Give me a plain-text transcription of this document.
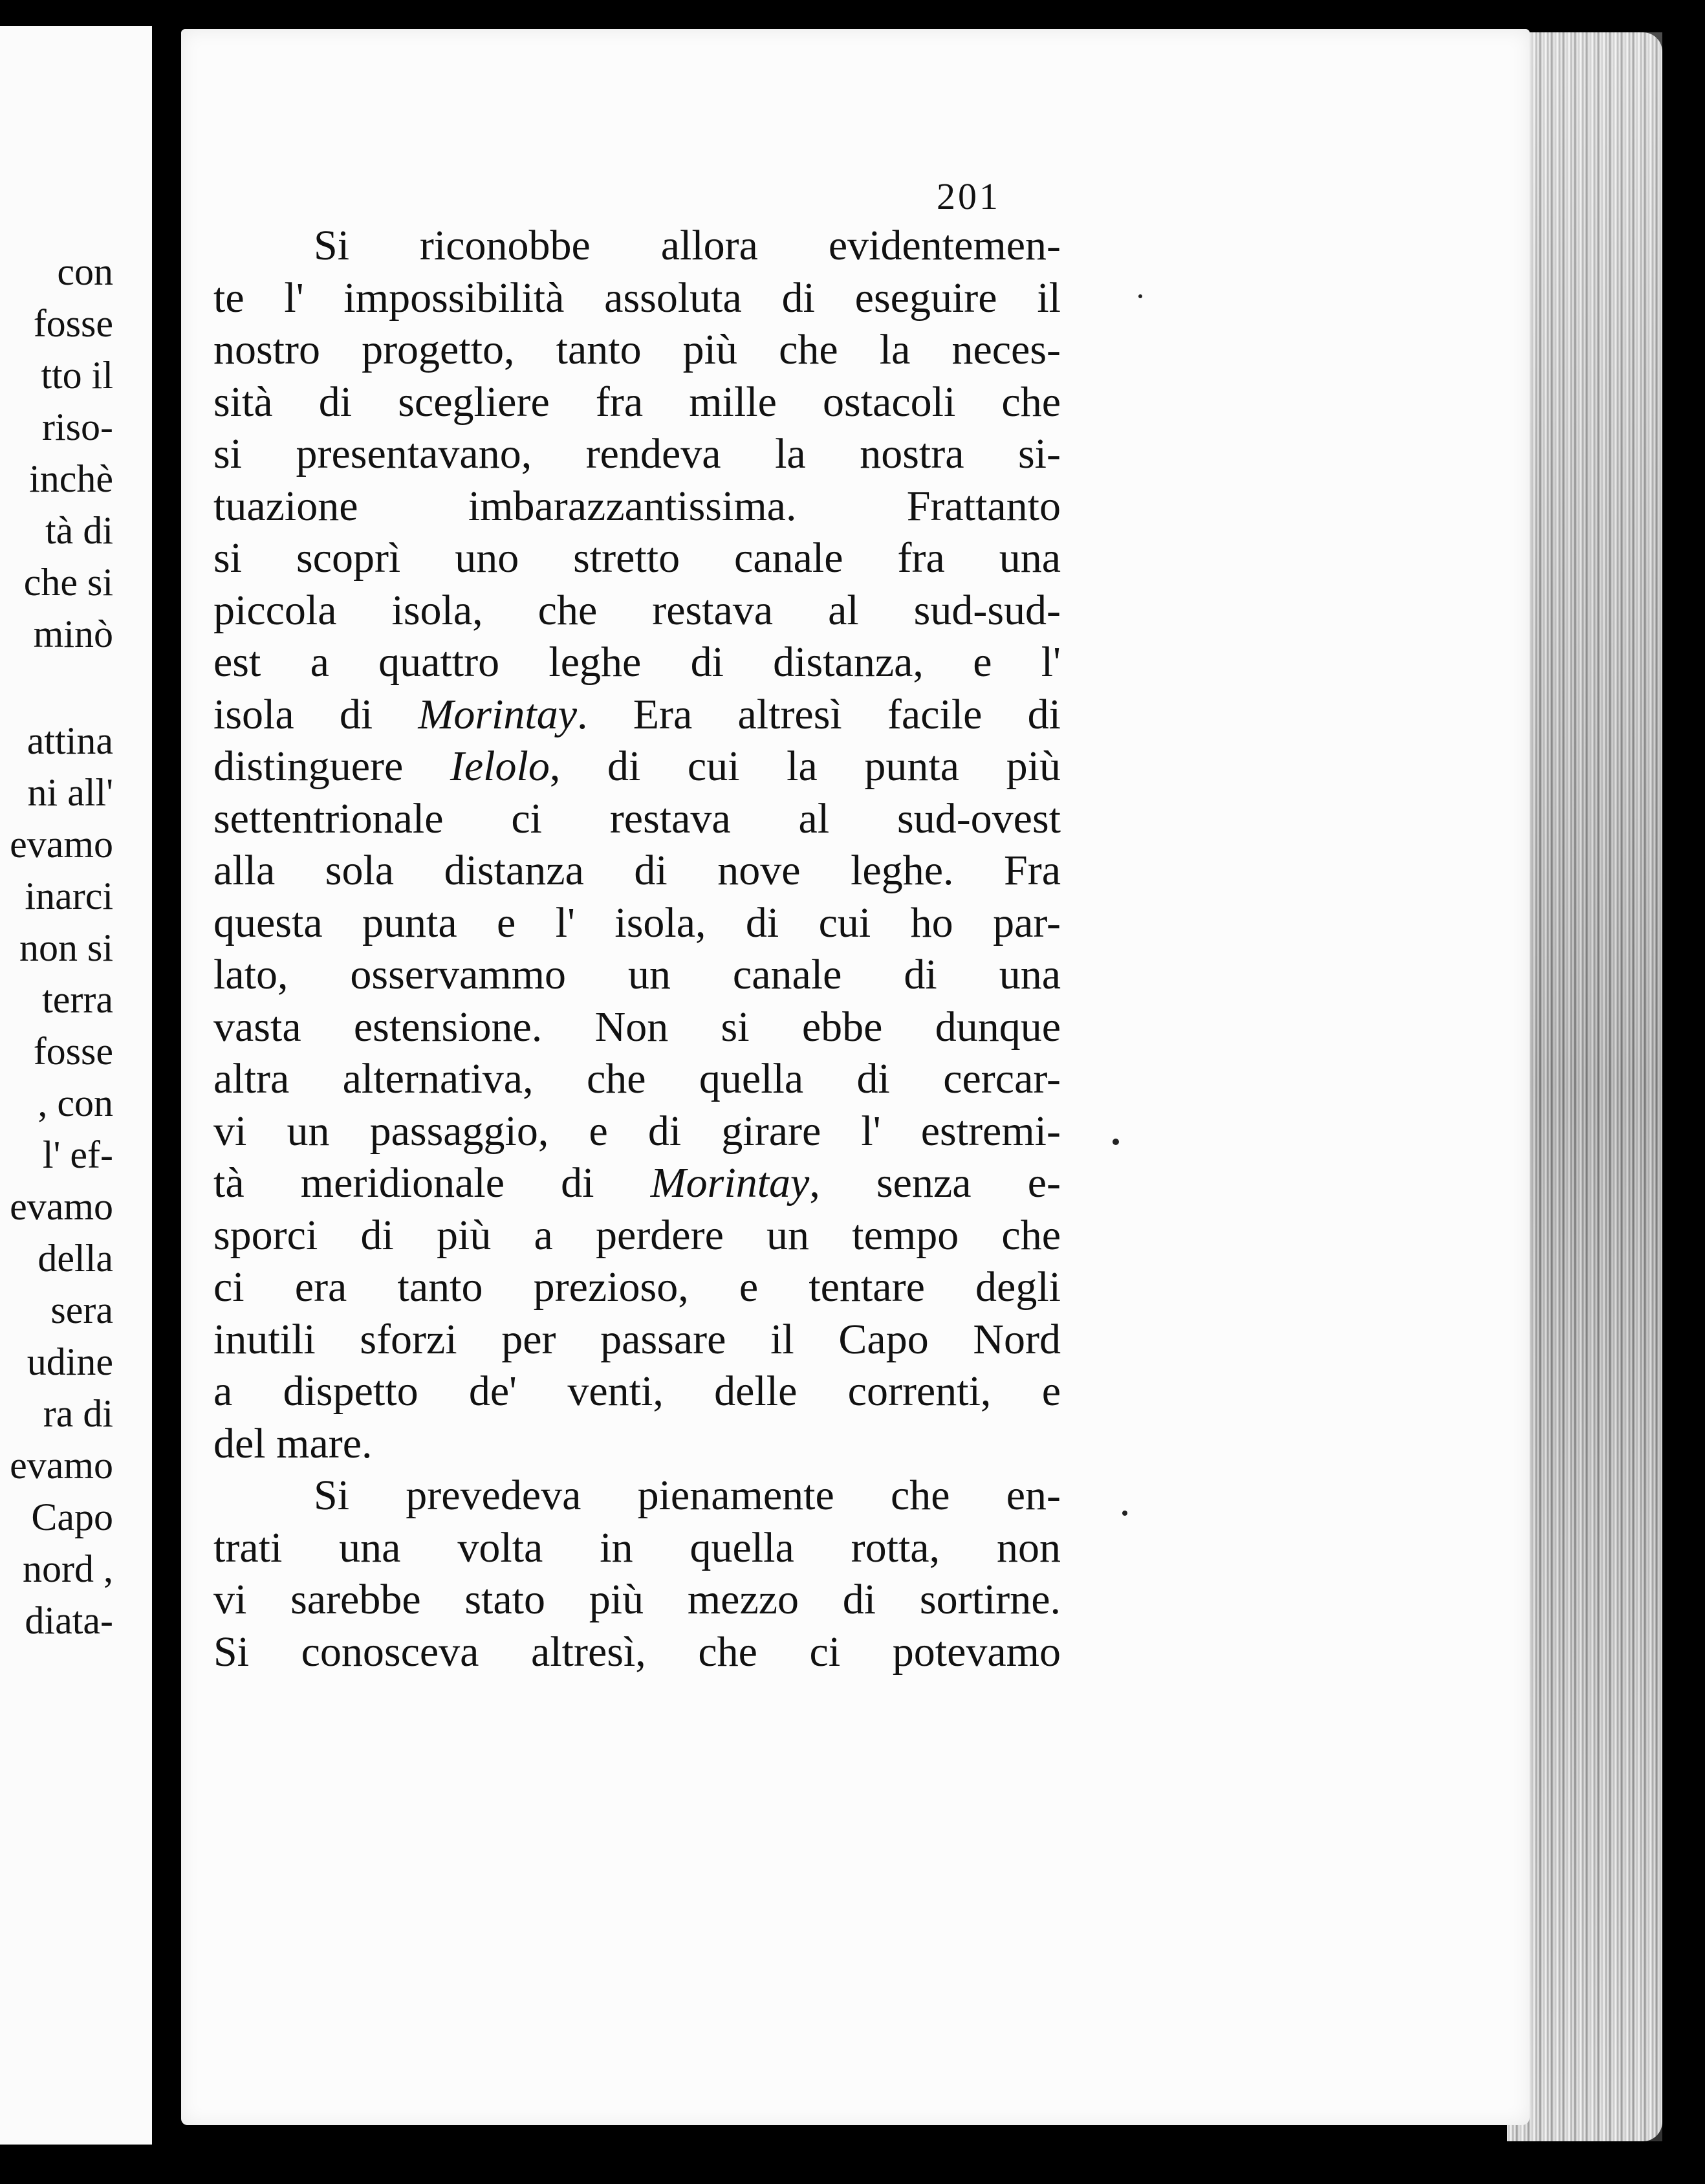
con
fosse
tto il
riso-
inchè
tà di
che si
minò
attina
ni all'
evamo
inarci
non si
terra
fosse
, con
l' ef-
evamo
della
sera
udine
ra di
evamo
Capo
nord ,
diata-
201
Si riconobbe allora evidentemen-
te l' impossibilità assoluta di eseguire il
nostro progetto, tanto più che la neces-
sità di scegliere fra mille ostacoli che
si presentavano, rendeva la nostra si-
tuazione imbarazzantissima. Frattanto
si scoprì uno stretto canale fra una
piccola isola, che restava al sud-sud-
est a quattro leghe di distanza, e l'
isola di Morintay. Era altresì facile di
distinguere Ielolo, di cui la punta più
settentrionale ci restava al sud-ovest
alla sola distanza di nove leghe. Fra
questa punta e l' isola, di cui ho par-
lato, osservammo un canale di una
vasta estensione. Non si ebbe dunque
altra alternativa, che quella di cercar-
vi un passaggio, e di girare l' estremi-
tà meridionale di Morintay, senza e-
sporci di più a perdere un tempo che
ci era tanto prezioso, e tentare degli
inutili sforzi per passare il Capo Nord
a dispetto de' venti, delle correnti, e
del mare.
Si prevedeva pienamente che en-
trati una volta in quella rotta, non
vi sarebbe stato più mezzo di sortirne.
Si conosceva altresì, che ci potevamo
